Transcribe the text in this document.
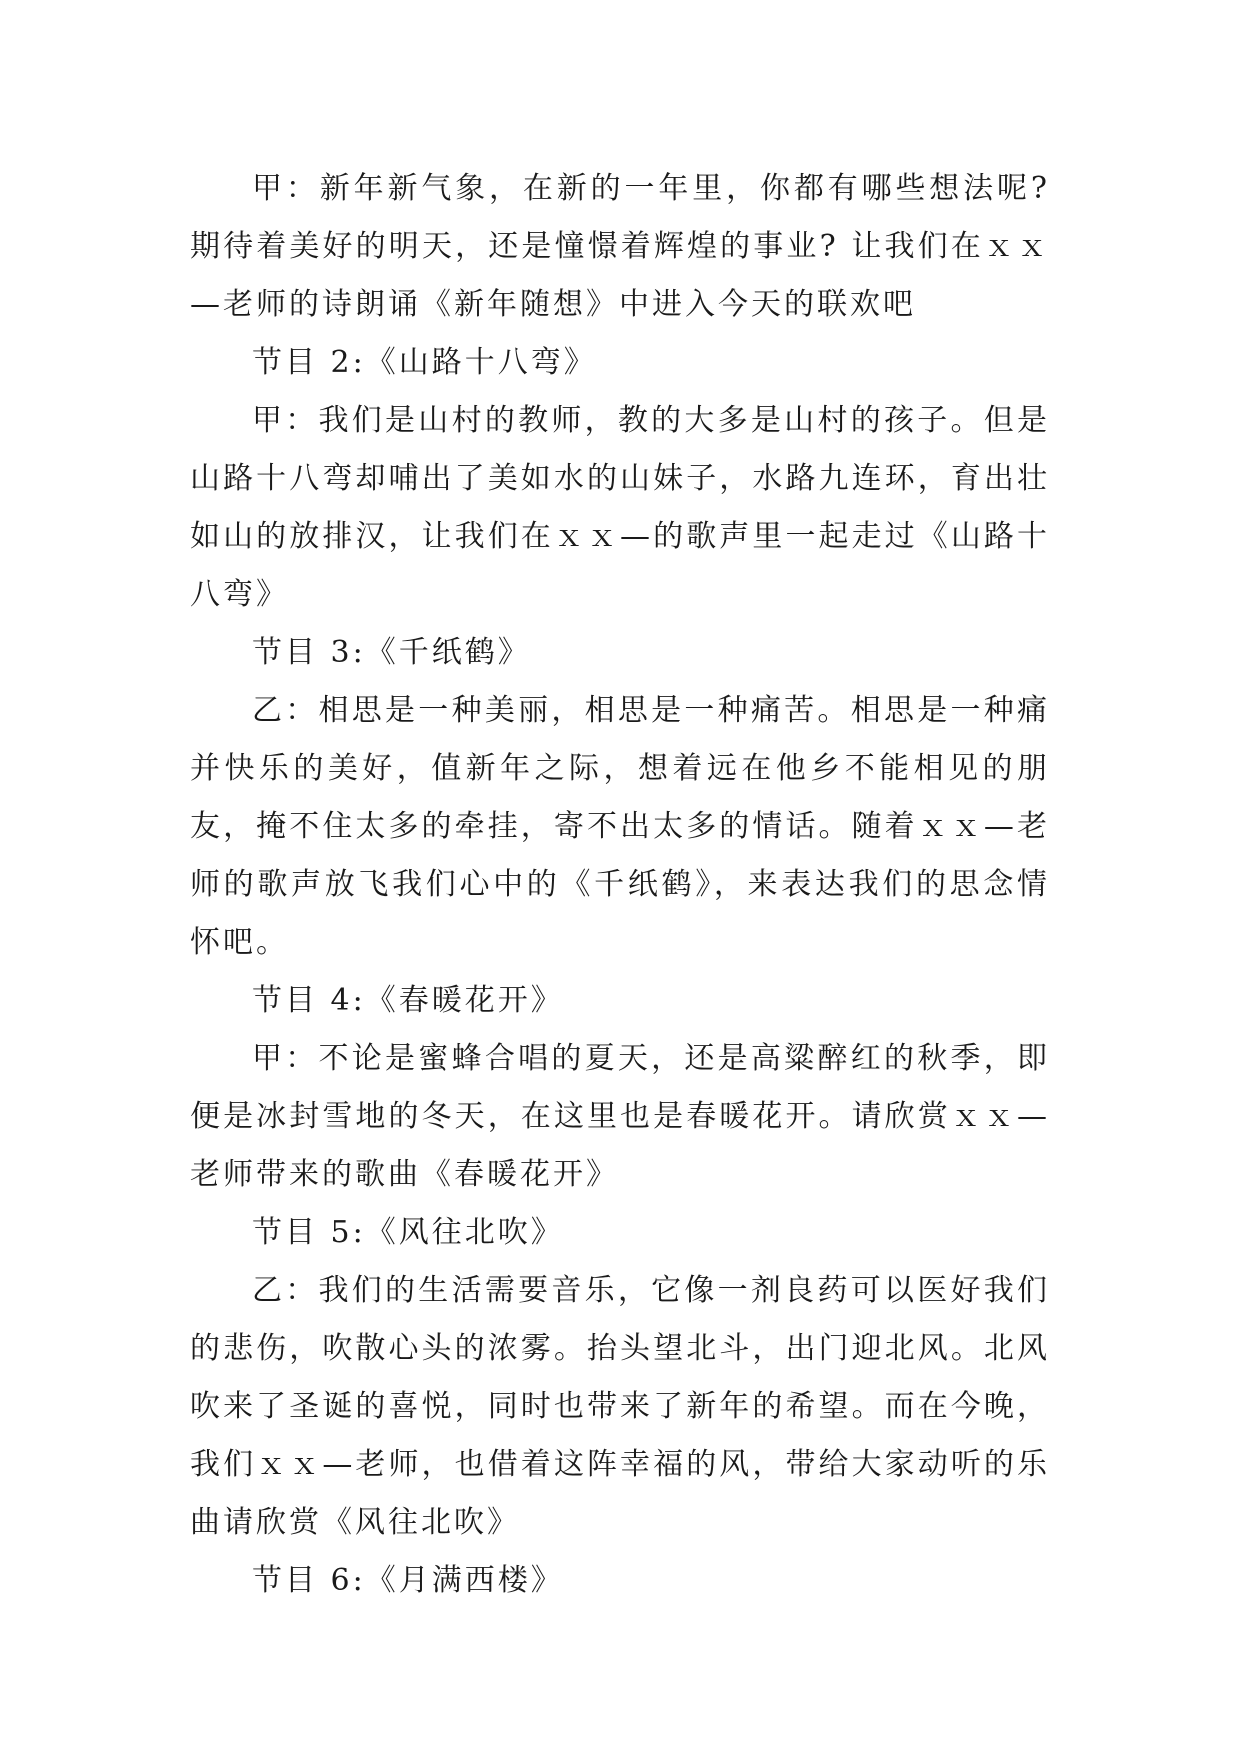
甲：新年新气象，在新的一年里，你都有哪些想法呢?期待着美好的明天，还是憧憬着辉煌的事业? 让我们在ｘｘ—老师的诗朗诵《新年随想》中进入今天的联欢吧

节目 2:《山路十八弯》

甲：我们是山村的教师，教的大多是山村的孩子。但是山路十八弯却哺出了美如水的山妹子，水路九连环，育出壮如山的放排汉，让我们在ｘｘ—的歌声里一起走过《山路十八弯》

节目 3:《千纸鹤》

乙：相思是一种美丽，相思是一种痛苦。相思是一种痛并快乐的美好，值新年之际，想着远在他乡不能相见的朋友，掩不住太多的牵挂，寄不出太多的情话。随着ｘｘ—老师的歌声放飞我们心中的《千纸鹤》，来表达我们的思念情怀吧。

节目 4:《春暖花开》

甲：不论是蜜蜂合唱的夏天，还是高粱醉红的秋季，即便是冰封雪地的冬天，在这里也是春暖花开。请欣赏ｘｘ—老师带来的歌曲《春暖花开》

节目 5:《风往北吹》

乙：我们的生活需要音乐，它像一剂良药可以医好我们的悲伤，吹散心头的浓雾。抬头望北斗，出门迎北风。北风吹来了圣诞的喜悦，同时也带来了新年的希望。而在今晚，我们ｘｘ—老师，也借着这阵幸福的风，带给大家动听的乐曲请欣赏《风往北吹》

节目 6:《月满西楼》
